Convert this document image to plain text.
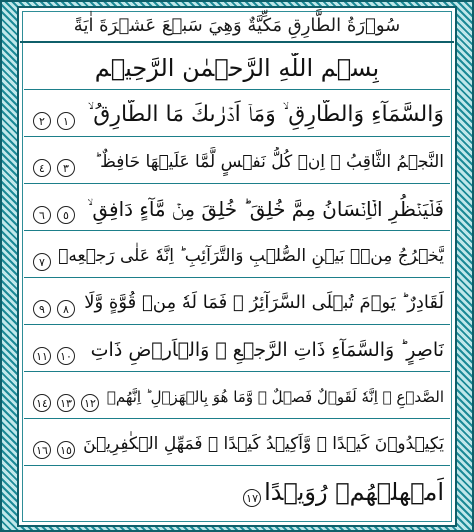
سُوۡرَةُ الطَّارِقِ مَكِّيَّةٌ وَهِيَ سَبۡعَ عَشۡرَةَ اٰيَةً
بِسۡمِ اللّٰهِ الرَّحۡمٰنِ الرَّحِيۡمِ
وَالسَّمَآءِ وَالطَّارِقِ ۙ وَمَاۤ اَدۡرٰٮكَ مَا الطَّارِقُ ۙ
١٢
النَّجۡمُ الثَّاقِبُ ۙ اِنۡ كُلُّ نَفۡسٍ لَّمَّا عَلَيۡهَا حَافِظٌ ؕ
٣٤
فَلۡيَنۡظُرِ الۡاِنۡسَانُ مِمَّ خُلِقَ ؕ خُلِقَ مِنۡ مَّآءٍ دَافِقٍ ۙ
٥٦
يَّخۡرُجُ مِنۡۢ بَيۡنِ الصُّلۡبِ وَالتَّرَآئِبِ ؕ اِنَّهٗ عَلٰى رَجۡعِهٖ
٧
لَقَادِرٌ ؕ يَوۡمَ تُبۡلَى السَّرَآئِرُ ۙ فَمَا لَهٗ مِنۡ قُوَّةٍ وَّلَا
٨٩
نَاصِرٍ ؕ وَالسَّمَآءِ ذَاتِ الرَّجۡعِ ۙ وَالۡاَرۡضِ ذَاتِ
١٠١١
الصَّدۡعِ ۙ اِنَّهٗ لَقَوۡلٌ فَصۡلٌ ۙ وَّمَا هُوَ بِالۡهَزۡلِ ؕ اِنَّهُمۡ
١٢١٣١٤
يَكِيۡدُوۡنَ كَيۡدًا ۙ وَّاَكِيۡدُ كَيۡدًا ۚ فَمَهِّلِ الۡكٰفِرِيۡنَ
١٥١٦
اَمۡهِلۡهُمۡ رُوَيۡدًا
١٧
